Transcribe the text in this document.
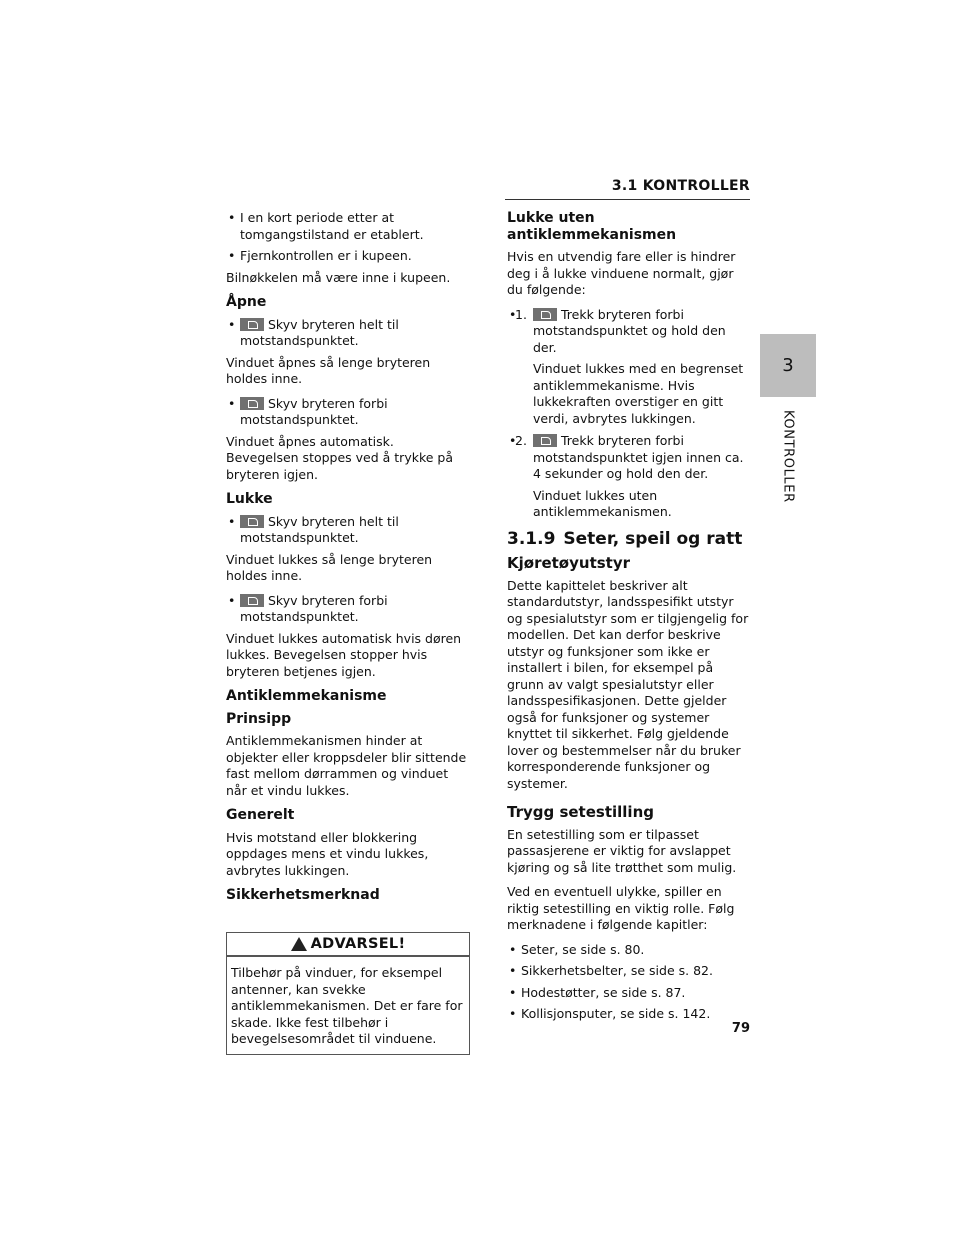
3.1 KONTROLLER
3
KONTROLLER
• I en kort periode etter at tomgangstilstand er etablert.
• Fjernkontrollen er i kupeen.

Bilnøkkelen må være inne i kupeen.

Åpne
• Skyv bryteren helt til motstandspunktet.

Vinduet åpnes så lenge bryteren holdes inne.

• Skyv bryteren forbi motstandspunktet.

Vinduet åpnes automatisk. Bevegelsen stoppes ved å trykke på bryteren igjen.

Lukke
• Skyv bryteren helt til motstandspunktet.

Vinduet lukkes så lenge bryteren holdes inne.

• Skyv bryteren forbi motstandspunktet.

Vinduet lukkes automatisk hvis døren lukkes. Bevegelsen stopper hvis bryteren betjenes igjen.

Antiklemmekanisme
Prinsipp

Antiklemmekanismen hinder at objekter eller kroppsdeler blir sittende fast mellom dørrammen og vinduet når et vindu lukkes.

Generelt

Hvis motstand eller blokkering oppdages mens et vindu lukkes, avbrytes lukkingen.

Sikkerhetsmerknad
ADVARSEL!
Tilbehør på vinduer, for eksempel antenner, kan svekke antiklemmekanismen. Det er fare for skade. Ikke fest tilbehør i bevegelsesområdet til vinduene.
Lukke uten antiklemmekanismen

Hvis en utvendig fare eller is hindrer deg i å lukke vinduene normalt, gjør du følgende:

• 1.	Trekk bryteren forbi motstandspunktet og hold den der.
Vinduet lukkes med en begrenset antiklemmekanisme. Hvis lukkekraften overstiger en gitt verdi, avbrytes lukkingen.
• 2.	Trekk bryteren forbi motstandspunktet igjen innen ca. 4 sekunder og hold den der.
Vinduet lukkes uten antiklemmekanismen.
3.1.9 Seter, speil og ratt
Kjøretøyutstyr

Dette kapittelet beskriver alt standardutstyr, landsspesifikt utstyr og spesialutstyr som er tilgjengelig for modellen. Det kan derfor beskrive utstyr og funksjoner som ikke er installert i bilen, for eksempel på grunn av valgt spesialutstyr eller landsspesifikasjonen. Dette gjelder også for funksjoner og systemer knyttet til sikkerhet. Følg gjeldende lover og bestemmelser når du bruker korresponderende funksjoner og systemer.

Trygg setestilling

En setestilling som er tilpasset passasjerene er viktig for avslappet kjøring og så lite trøtthet som mulig.

Ved en eventuell ulykke, spiller en riktig setestilling en viktig rolle. Følg merknadene i følgende kapitler:

• Seter, se side s. 80.
• Sikkerhetsbelter, se side s. 82.
• Hodestøtter, se side s. 87.
• Kollisjonsputer, se side s. 142.
79
